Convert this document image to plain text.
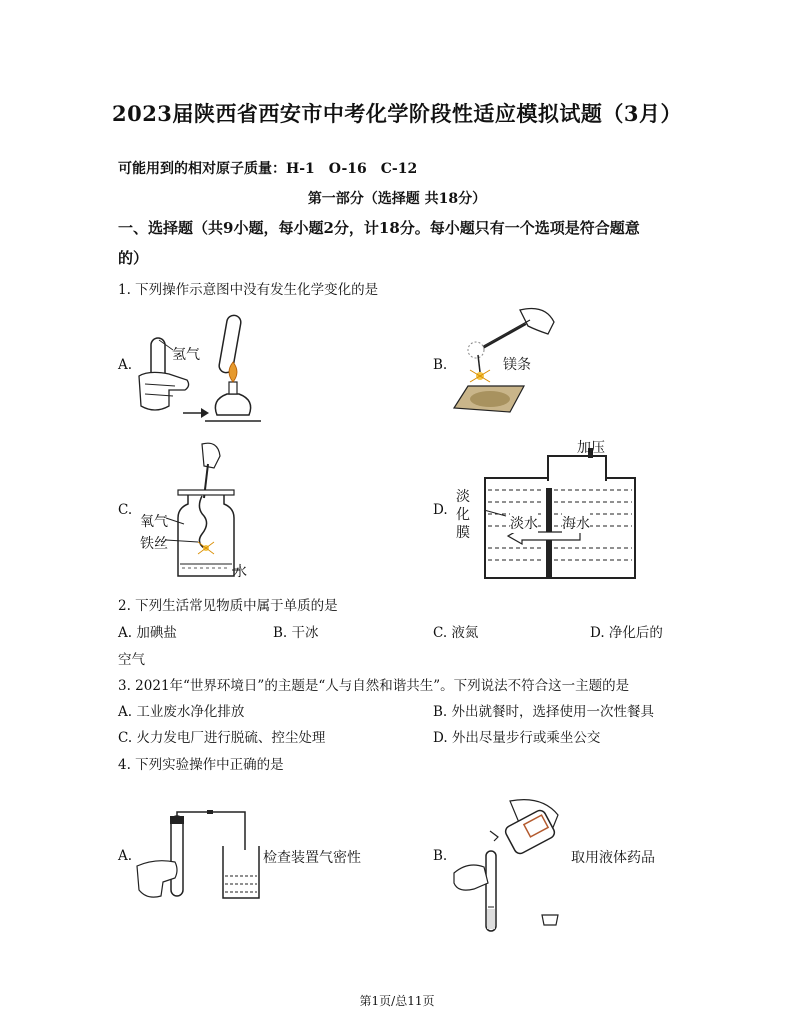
2023届陕西省西安市中考化学阶段性适应模拟试题（3月）
可能用到的相对原子质量：H-1　O-16　C-12
第一部分（选择题 共18分）
一、选择题（共9小题，每小题2分，计18分。每小题只有一个选项是符合题意
的）
1. 下列操作示意图中没有发生化学变化的是
A.
氢气
B.	镁条
C.
氧气
铁丝
水
D.
加压
淡
化
膜
淡水 海水
2. 下列生活常见物质中属于单质的是
A. 加碘盐	B. 干冰	C. 液氮	D. 净化后的
空气
3. 2021年“世界环境日”的主题是“人与自然和谐共生”。下列说法不符合这一主题的是
A. 工业废水净化排放	B. 外出就餐时，选择使用一次性餐具
C. 火力发电厂进行脱硫、控尘处理	D. 外出尽量步行或乘坐公交
4. 下列实验操作中正确的是
A.	检查装置气密性	B.	取用液体药品
第1页/总11页
